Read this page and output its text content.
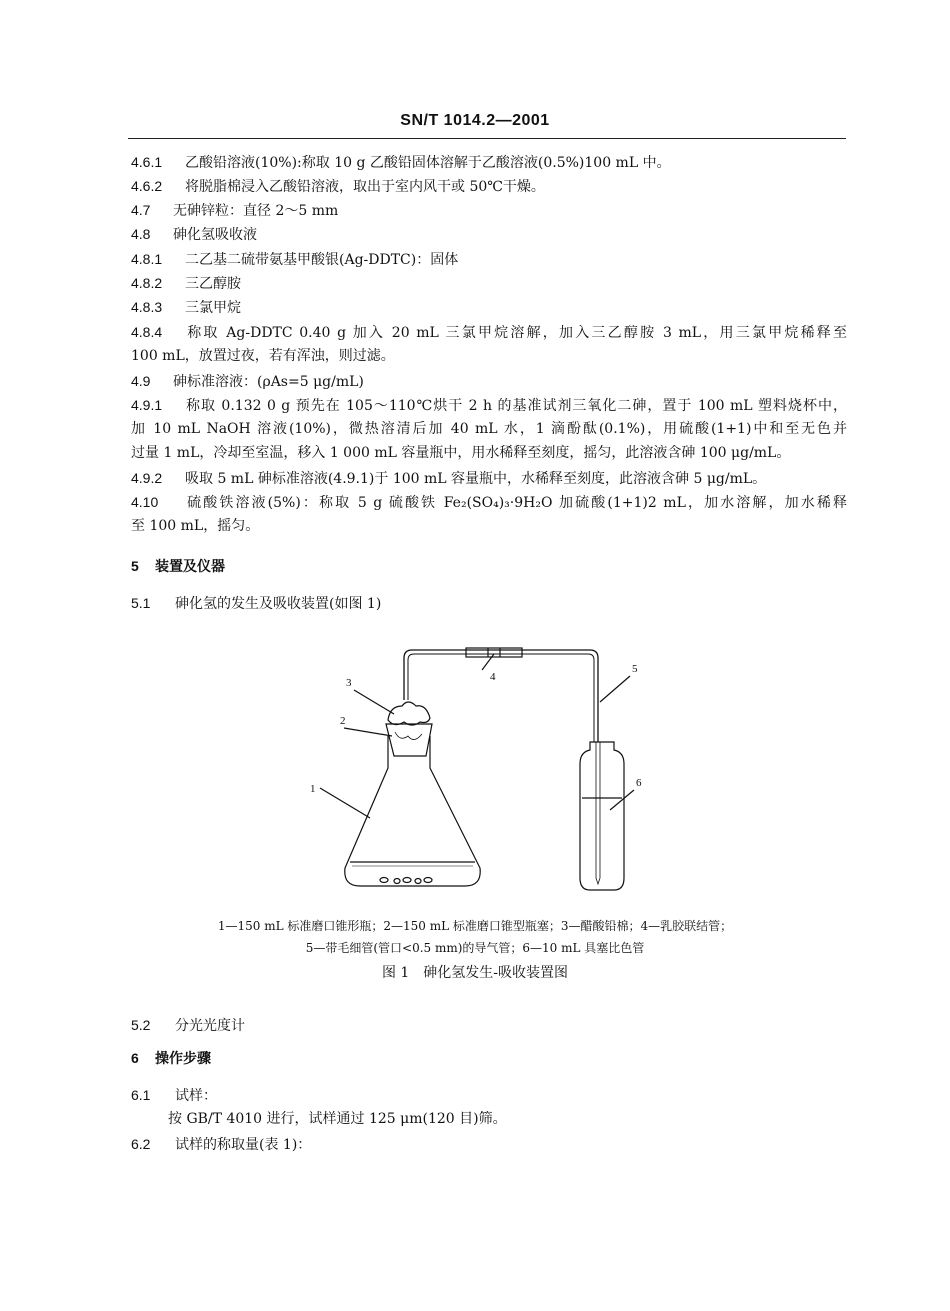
SN/T 1014.2—2001
4.6.1 乙酸铅溶液(10%):称取 10 g 乙酸铅固体溶解于乙酸溶液(0.5%)100 mL 中。
4.6.2 将脱脂棉浸入乙酸铅溶液，取出于室内风干或 50℃干燥。
4.7 无砷锌粒：直径 2～5 mm
4.8 砷化氢吸收液
4.8.1 二乙基二硫带氨基甲酸银(Ag-DDTC)：固体
4.8.2 三乙醇胺
4.8.3 三氯甲烷
4.8.4 称取 Ag-DDTC 0.40 g 加入 20 mL 三氯甲烷溶解，加入三乙醇胺 3 mL，用三氯甲烷稀释至
100 mL，放置过夜，若有浑浊，则过滤。
4.9 砷标准溶液：(ρAs=5 μg/mL)
4.9.1 称取 0.132 0 g 预先在 105～110℃烘干 2 h 的基准试剂三氧化二砷，置于 100 mL 塑料烧杯中，
加 10 mL NaOH 溶液(10%)，微热溶清后加 40 mL 水，1 滴酚酞(0.1%)，用硫酸(1+1)中和至无色并
过量 1 mL，冷却至室温，移入 1 000 mL 容量瓶中，用水稀释至刻度，摇匀，此溶液含砷 100 μg/mL。
4.9.2 吸取 5 mL 砷标准溶液(4.9.1)于 100 mL 容量瓶中，水稀释至刻度，此溶液含砷 5 μg/mL。
4.10 硫酸铁溶液(5%)：称取 5 g 硫酸铁 Fe₂(SO₄)₃·9H₂O 加硫酸(1+1)2 mL，加水溶解，加水稀释
至 100 mL，摇匀。
5 装置及仪器
5.1 砷化氢的发生及吸收装置(如图 1)
1
2
3	4
5
6
1—150 mL 标准磨口锥形瓶；2—150 mL 标准磨口锥型瓶塞；3—醋酸铅棉；4—乳胶联结管；
5—带毛细管(管口<0.5 mm)的导气管；6—10 mL 具塞比色管
图 1　砷化氢发生-吸收装置图
5.2 分光光度计
6 操作步骤
6.1 试样：
按 GB/T 4010 进行，试样通过 125 μm(120 目)筛。
6.2 试样的称取量(表 1)：
